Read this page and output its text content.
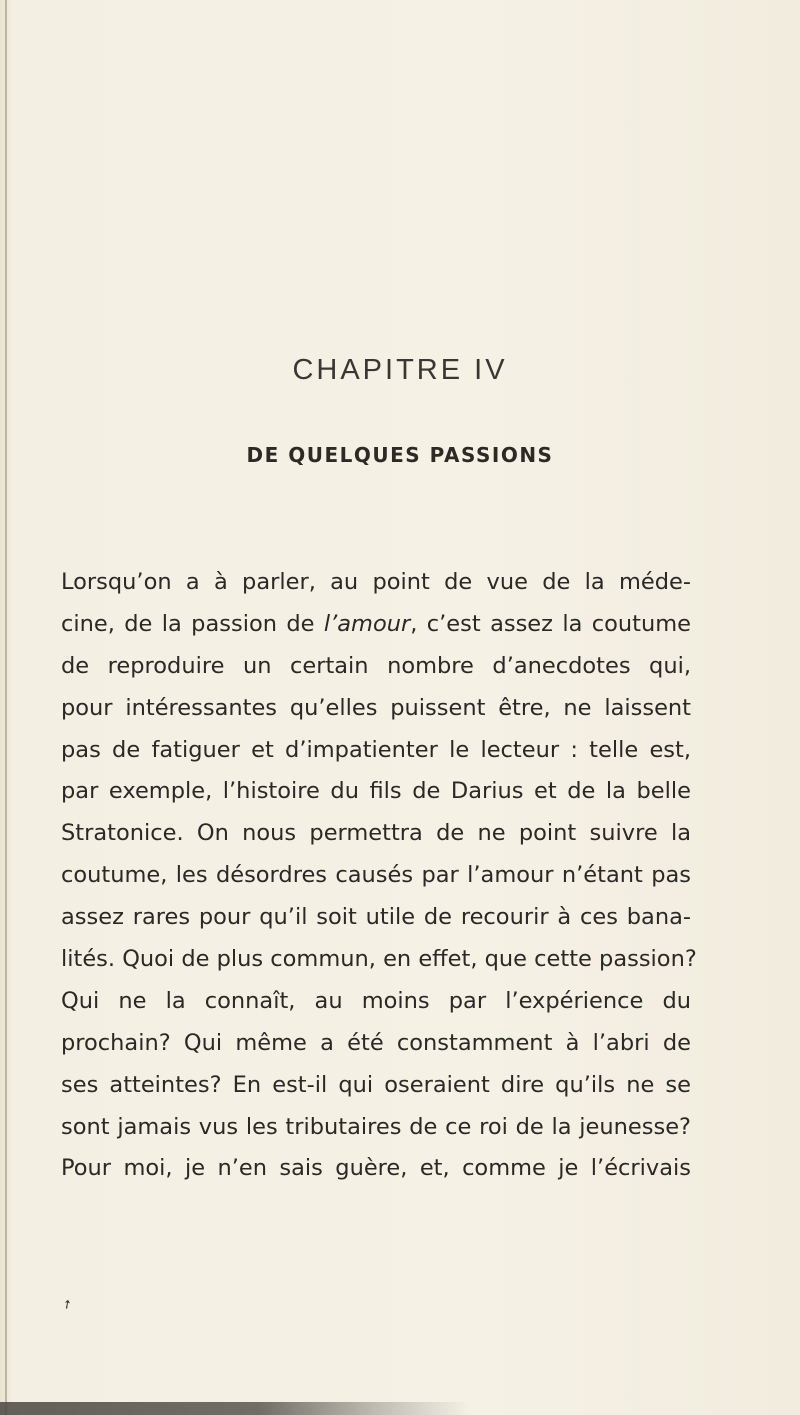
CHAPITRE IV
DE QUELQUES PASSIONS
Lorsqu’on a à parler, au point de vue de la méde-
cine, de la passion de l’amour, c’est assez la coutume
de reproduire un certain nombre d’anecdotes qui,
pour intéressantes qu’elles puissent être, ne laissent
pas de fatiguer et d’impatienter le lecteur : telle est,
par exemple, l’histoire du fils de Darius et de la belle
Stratonice. On nous permettra de ne point suivre la
coutume, les désordres causés par l’amour n’étant pas
assez rares pour qu’il soit utile de recourir à ces bana-
lités. Quoi de plus commun, en effet, que cette passion?
Qui ne la connaît, au moins par l’expérience du
prochain? Qui même a été constamment à l’abri de
ses atteintes? En est-il qui oseraient dire qu’ils ne se
sont jamais vus les tributaires de ce roi de la jeunesse?
Pour moi, je n’en sais guère, et, comme je l’écrivais
➚
